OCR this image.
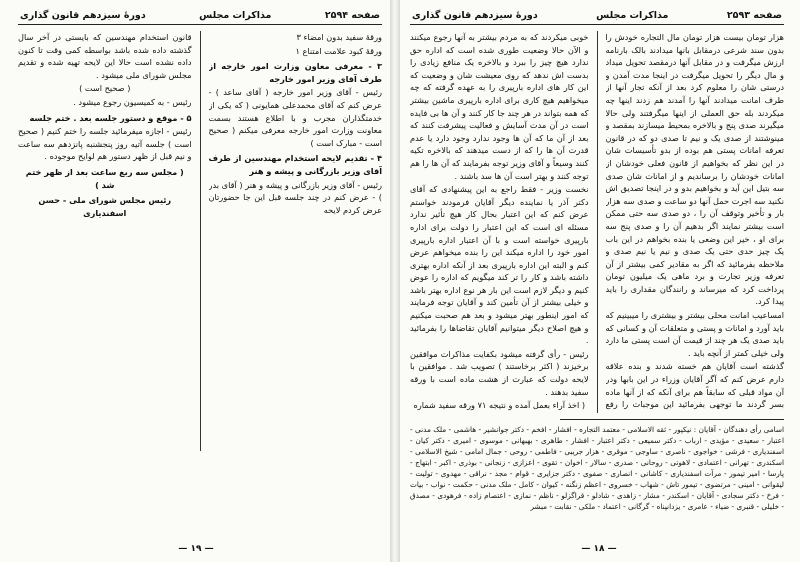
صفحه ۲۵۹۴
مذاکرات مجلس
دورهٔ سیزدهم قانون گذاری

ورقهٔ سفید بدون امضاء ۳

ورقهٔ کبود علامت امتناع ۱

۳ - معرفی معاون وزارت امور خارجه از طرف آقای وزیر امور خارجه

رئیس - آقای وزیر امور خارجه ( آقای ساعد ) - عرض کنم که آقای محمدعلی همایونی ( که یکی از خدمتگذاران مجرب و با اطلاع هستند بسمت معاونت وزارت امور خارجه معرفی میکنم ( صحیح است - مبارک است )

۴ - تقدیم لایحه استخدام مهندسین از طرف آقای وزیر بازرگانی و پیشه و هنر

رئیس - آقای وزیر بازرگانی و پیشه و هنر ( آقای بدر ) - عرض کنم در چند جلسه قبل این جا حضورتان عرض کردم لایحه

قانون استخدام مهندسین که بایستی در آخر سال گذشته داده شده باشد بواسطه کمی وقت تا کنون داده نشده است حالا این لایحه تهیه شده و تقدیم مجلس شورای ملی میشود .

( صحیح است )

رئیس - به کمیسیون رجوع میشود .

۵ - موقع و دستور جلسه بعد . ختم جلسه

رئیس - اجازه میفرمائید جلسه را ختم کنیم ( صحیح است ) جلسه آتیه روز پنجشنبه پانزدهم سه ساعت و نیم قبل از ظهر دستور هم لوایح موجوده .

( مجلس سه ربع ساعت بعد از ظهر ختم شد )

رئیس مجلس شورای ملی - حسن اسفندیاری

— ۱۹ —
صفحه ۲۵۹۳
مذاکرات مجلس
دورهٔ سیزدهم قانون گذاری

هزار تومان بیست هزار تومان مال التجاره خودش را بدون سند شرعی درمقابل بانها میدادند بالک بارنامه ارزش میگرفت و در مقابل آنها درمقصد تحویل میداد و مال دیگر را تحویل میگرفت در اینجا مدت آمدن و درستی شان را معلوم کرد بعد از آنکه تجار آنها از طرف امانت میدادند آنها را آمدند هم زدند اینها چه میکردند بله حق العملی از اینها میگرفتند ولی حالا میگیرند صدی پنج و بالاخره بمحیط میسازند بمقصد و مینوشتند از صدی یک و نیم تا صدی دو که در قانون تعرفه امانات پستی هم بوده از بدو تأسیسات شان در این نظر که بخواهیم از قانون فعلی خودشان از امانات خودشان را برساندیم و از امانات شان صدی سه بتیل این آید و بخواهیم بدو و در اینجا تصدیق اش نکنید سه اجرت حمل آنها دو ساعت و صدی سه هزار بار و تأخیر وتوقف آن را ، دو صدی سه حتی ممکن است بیشتر نمایند اگر بدهیم آن را و صدی پنج سه برای او ، خیر این وضعی یا بنده بخواهم در این باب یک چیز حدی حتی یک صدی و نیم یا نیم صدی و ملاحظه بفرمائید که اگر به مقادیر کمی بیشتر از آن تعرفه وزیر تجارت و برد ماهی یک میلیون تومان پرداخت کرد که میرساند و رانندگان مقداری را باید پیدا کرد.

امساعیب امانت محلی بیشتر و بیشتری را میبینیم که باید آورد و امانات و پستی و متعلقات آن و کسانی که باید صدی یک هر چند از قیمت آن است پستی ما دارد ولی خیلی کمتر از آنچه باید .

گذشته است آقایان هم خسته شدند و بنده علاقه دارم عرض کنم که آگر آقایان وزراء در این بابها ودر آن مواد قبلی که سابقاً هم برای آنکه که از آنها ماده بسر گردند ما توجهی بفرمائید این موجبات را رفع

خوبی میکردند که به مردم بیشتر به آنها رجوع میکنند و الآن حالا وضعیت طوری شده است که اداره حق ندارد هیچ چیز را ببرد و بالاخره یک منافع زیادی را بدست اش ندهد که روی معیشت شان و وضعیت که این کار های اداره بارپیری را به عهده گرفته که چه میخواهیم هیچ کاری برای اداره بارپیری ماشین بیشتر که همه بتواند در هر چند جا کار کنند و آن ها بی فایده است در آن مدت آسایش و فعالیت پیشرفت کنند که بعد از آن ما که آن ها وجود ندارد وجود دارد یا عدم قدرت آن ها را که از دست میدهند که بالاخره تکیه کنند وسیعاً و آقای وزیر توجه بفرمایند که آن ها را هم توجه کنند و بهتر است آن ها سد باشند .

نخست وزیر - فقط راجع به این پیشنهادی که آقای دکتر آذر یا نماینده دیگر آقایان فرمودند خواستم عرض کنم که این اعتبار بحال کار هیچ تأثیر ندارد مسئله ای است که این اعتبار را دولت برای اداره بارپیری خواسته است و با آن اعتبار اداره بارپیری امور خود را اداره میکند این را بنده میخواهم عرض کنم و البته این اداره بارپیری بعد از آنکه اداره بهتری داشته باشد و کار را تر کند میگویم که اداره را عوض کنیم و دیگر لازم است این بار هر نوع اداره بهتر باشد و خیلی بیشتر از آن تأمین کند و آقایان توجه فرمایند که امور اینطور بهتر میشود و بعد هم صحبت میکنیم و هیچ اصلاح دیگر میتوانیم آقایان تقاضاها را بفرمائید .

رئیس - رأی گرفته میشود بکفایت مذاکرات موافقین برخیزند ( اکثر برخاستند ) تصویب شد . موافقین با لایحه دولت که عبارت از هشت ماده است با ورقه سفید بدهند .

( اخذ آراء بعمل آمده و نتیجه ۷۱ ورقه سفید شماره

اسامی رأی دهندگان - آقایان : نیکپور - ثقه الاسلامی - معتمد التجاره - افشار - افخم - دکتر جوانشیر - هاشمی - ملک مدنی - اعتبار - سعیدی - مؤیدی - ارباب - دکتر سمیعی - دکتر اعتبار - افشار - طاهری - بهبهانی - موسوی - امیری - دکتر کیان - اسفندیاری - فرشی - خواجوی - ناصری - ساوجی - موقری - هزار جریبی - فاطمی - روحی - جمال امامی - شیخ الاسلامی - اسکندری - تهرانی - اعتمادی - لاهوتی - روحانی - صدری - سالار - اخوان - تقوی - اعزازی - زنجانی - بوذری - اکبر - ابتهاج - پارسا - امیر تیمور - مرآت اسفندیاری - کاشانی - انصاری - صفوی - دکتر جزایری - قوام - مجد - نراقی - مهدوی - تولیت - لیقوانی - امینی - مرتضوی - تیمور تاش - شهاب - خسروی - اعظم زنگنه - کیوان - کامل - ملک مدنی - حکمت - نواب - بیات - فرخ - دکتر سجادی - آقایان - اسکندر - مشار - زاهدی - شادلو - قراگزلو - ناظم - نمازی - اعتصام زاده - فرهودی - مصدق - خلیلی - قنبری - ضیاء - عامری - یزدانپناه - گرگانی - اعتماد - ملکی - نقابت - مبشر
— ۱۸ —
